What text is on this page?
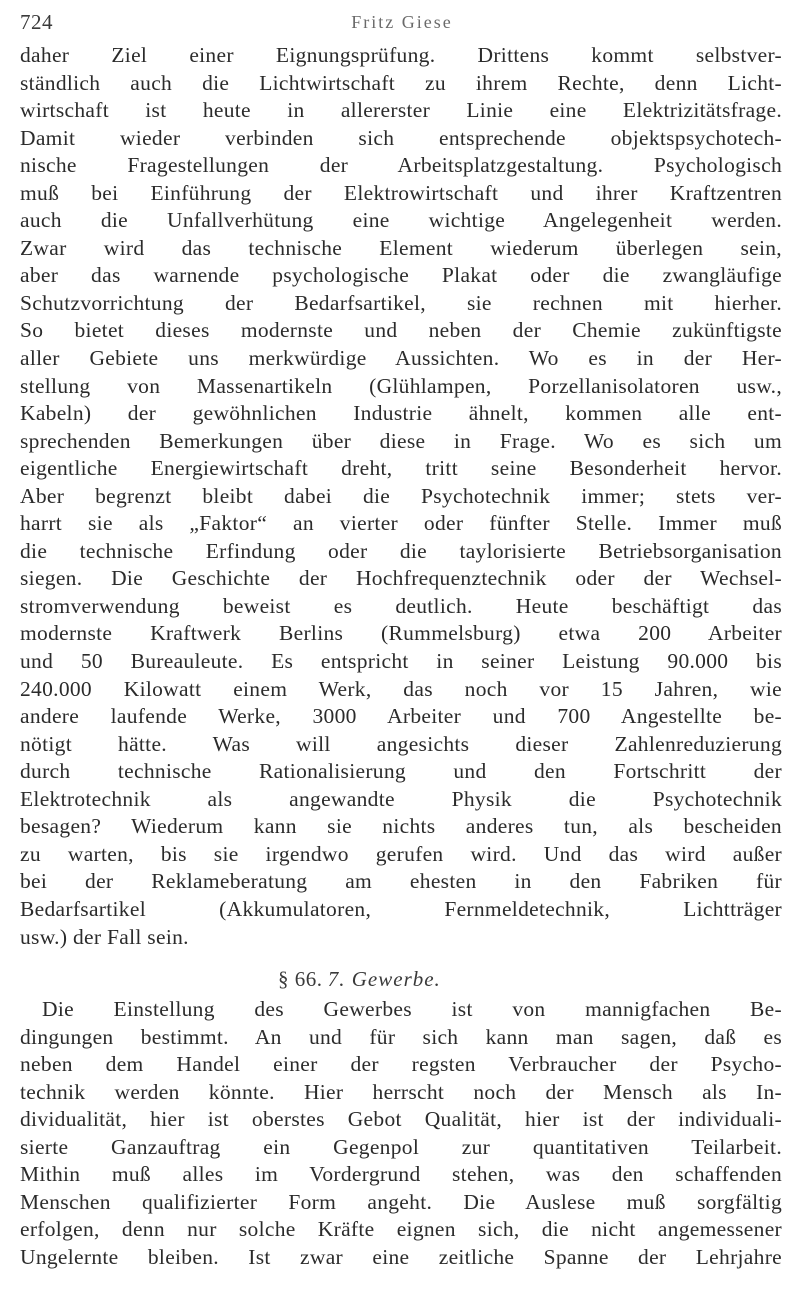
724	Fritz Giese
daher Ziel einer Eignungsprüfung. Drittens kommt selbstver-
ständlich auch die Lichtwirtschaft zu ihrem Rechte, denn Licht-
wirtschaft ist heute in allererster Linie eine Elektrizitätsfrage.
Damit wieder verbinden sich entsprechende objektspsychotech-
nische Fragestellungen der Arbeitsplatzgestaltung. Psychologisch
muß bei Einführung der Elektrowirtschaft und ihrer Kraftzentren
auch die Unfallverhütung eine wichtige Angelegenheit werden.
Zwar wird das technische Element wiederum überlegen sein,
aber das warnende psychologische Plakat oder die zwangläufige
Schutzvorrichtung der Bedarfsartikel, sie rechnen mit hierher.
So bietet dieses modernste und neben der Chemie zukünftigste
aller Gebiete uns merkwürdige Aussichten. Wo es in der Her-
stellung von Massenartikeln (Glühlampen, Porzellanisolatoren usw.,
Kabeln) der gewöhnlichen Industrie ähnelt, kommen alle ent-
sprechenden Bemerkungen über diese in Frage. Wo es sich um
eigentliche Energiewirtschaft dreht, tritt seine Besonderheit hervor.
Aber begrenzt bleibt dabei die Psychotechnik immer; stets ver-
harrt sie als „Faktor“ an vierter oder fünfter Stelle. Immer muß
die technische Erfindung oder die taylorisierte Betriebsorganisation
siegen. Die Geschichte der Hochfrequenztechnik oder der Wechsel-
stromverwendung beweist es deutlich. Heute beschäftigt das
modernste Kraftwerk Berlins (Rummelsburg) etwa 200 Arbeiter
und 50 Bureauleute. Es entspricht in seiner Leistung 90.000 bis
240.000 Kilowatt einem Werk, das noch vor 15 Jahren, wie
andere laufende Werke, 3000 Arbeiter und 700 Angestellte be-
nötigt hätte. Was will angesichts dieser Zahlenreduzierung
durch technische Rationalisierung und den Fortschritt der
Elektrotechnik als angewandte Physik die Psychotechnik
besagen? Wiederum kann sie nichts anderes tun, als bescheiden
zu warten, bis sie irgendwo gerufen wird. Und das wird außer
bei der Reklameberatung am ehesten in den Fabriken für
Bedarfsartikel (Akkumulatoren, Fernmeldetechnik, Lichtträger
usw.) der Fall sein.
§ 66. 7. Gewerbe.
Die Einstellung des Gewerbes ist von mannigfachen Be-
dingungen bestimmt. An und für sich kann man sagen, daß es
neben dem Handel einer der regsten Verbraucher der Psycho-
technik werden könnte. Hier herrscht noch der Mensch als In-
dividualität, hier ist oberstes Gebot Qualität, hier ist der individuali-
sierte Ganzauftrag ein Gegenpol zur quantitativen Teilarbeit.
Mithin muß alles im Vordergrund stehen, was den schaffenden
Menschen qualifizierter Form angeht. Die Auslese muß sorgfältig
erfolgen, denn nur solche Kräfte eignen sich, die nicht angemessener
Ungelernte bleiben. Ist zwar eine zeitliche Spanne der Lehrjahre
